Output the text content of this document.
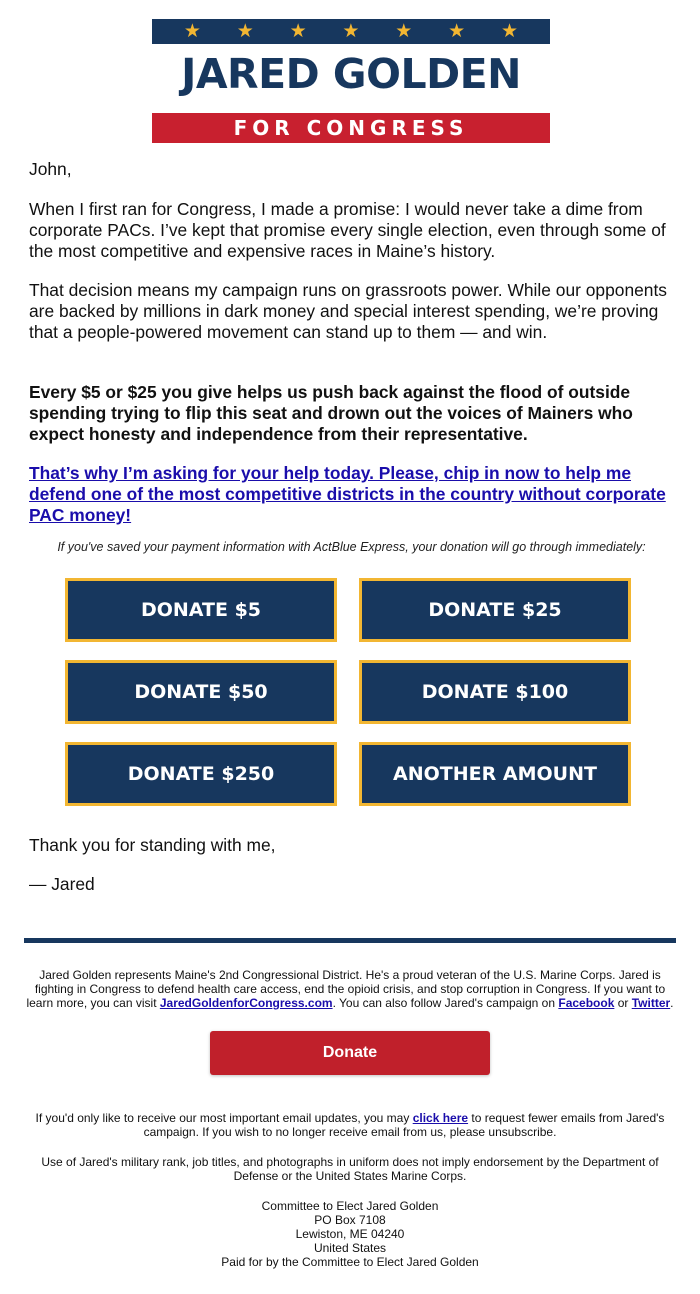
★ ★ ★ ★ ★ ★ ★
JARED GOLDEN
FOR CONGRESS

John,

When I first ran for Congress, I made a promise: I would never take a dime from corporate PACs. I’ve kept that promise every single election, even through some of the most competitive and expensive races in Maine’s history.

That decision means my campaign runs on grassroots power. While our opponents are backed by millions in dark money and special interest spending, we’re proving that a people-powered movement can stand up to them — and win.

Every $5 or $25 you give helps us push back against the flood of outside spending trying to flip this seat and drown out the voices of Mainers who expect honesty and independence from their representative.

That’s why I’m asking for your help today. Please, chip in now to help me defend one of the most competitive districts in the country without corporate PAC money!

If you've saved your payment information with ActBlue Express, your donation will go through immediately:
DONATE $5	DONATE $25
DONATE $50	DONATE $100
DONATE $250	ANOTHER AMOUNT

Thank you for standing with me,

— Jared

Jared Golden represents Maine's 2nd Congressional District. He's a proud veteran of the U.S. Marine Corps. Jared is fighting in Congress to defend health care access, end the opioid crisis, and stop corruption in Congress. If you want to learn more, you can visit JaredGoldenforCongress.com. You can also follow Jared's campaign on Facebook or Twitter.

Donate

If you'd only like to receive our most important email updates, you may click here to request fewer emails from Jared's campaign. If you wish to no longer receive email from us, please unsubscribe.

Use of Jared's military rank, job titles, and photographs in uniform does not imply endorsement by the Department of Defense or the United States Marine Corps.

Committee to Elect Jared Golden
PO Box 7108
Lewiston, ME 04240
United States
Paid for by the Committee to Elect Jared Golden
